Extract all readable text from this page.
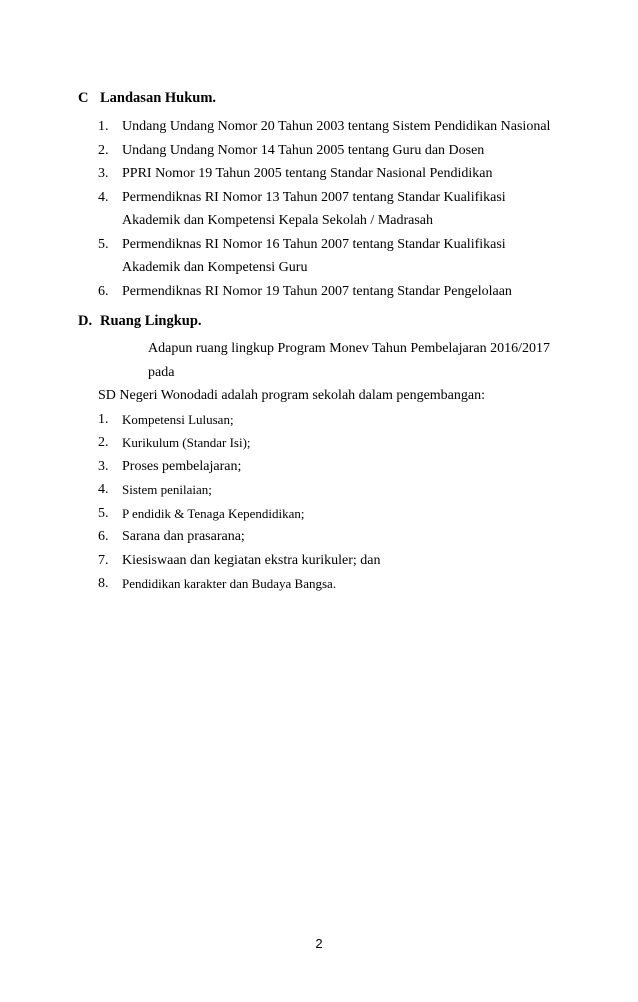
C Landasan Hukum.
1. Undang Undang Nomor 20 Tahun 2003 tentang Sistem Pendidikan Nasional
2. Undang Undang Nomor 14 Tahun 2005 tentang Guru dan Dosen
3. PPRI Nomor 19 Tahun 2005 tentang Standar Nasional Pendidikan
4. Permendiknas RI Nomor 13 Tahun 2007 tentang Standar Kualifikasi Akademik dan Kompetensi Kepala Sekolah / Madrasah
5. Permendiknas RI Nomor 16 Tahun 2007 tentang Standar Kualifikasi Akademik dan Kompetensi Guru
6. Permendiknas RI Nomor 19 Tahun 2007 tentang Standar Pengelolaan
D. Ruang Lingkup.
Adapun ruang lingkup Program Monev Tahun Pembelajaran 2016/2017 pada
SD Negeri Wonodadi adalah program sekolah dalam pengembangan:
1. Kompetensi Lulusan;
2. Kurikulum (Standar Isi);
3. Proses pembelajaran;
4. Sistem penilaian;
5. P endidik & Tenaga Kependidikan;
6. Sarana dan prasarana;
7. Kiesiswaan dan kegiatan ekstra kurikuler; dan
8. Pendidikan karakter dan Budaya Bangsa.
2
